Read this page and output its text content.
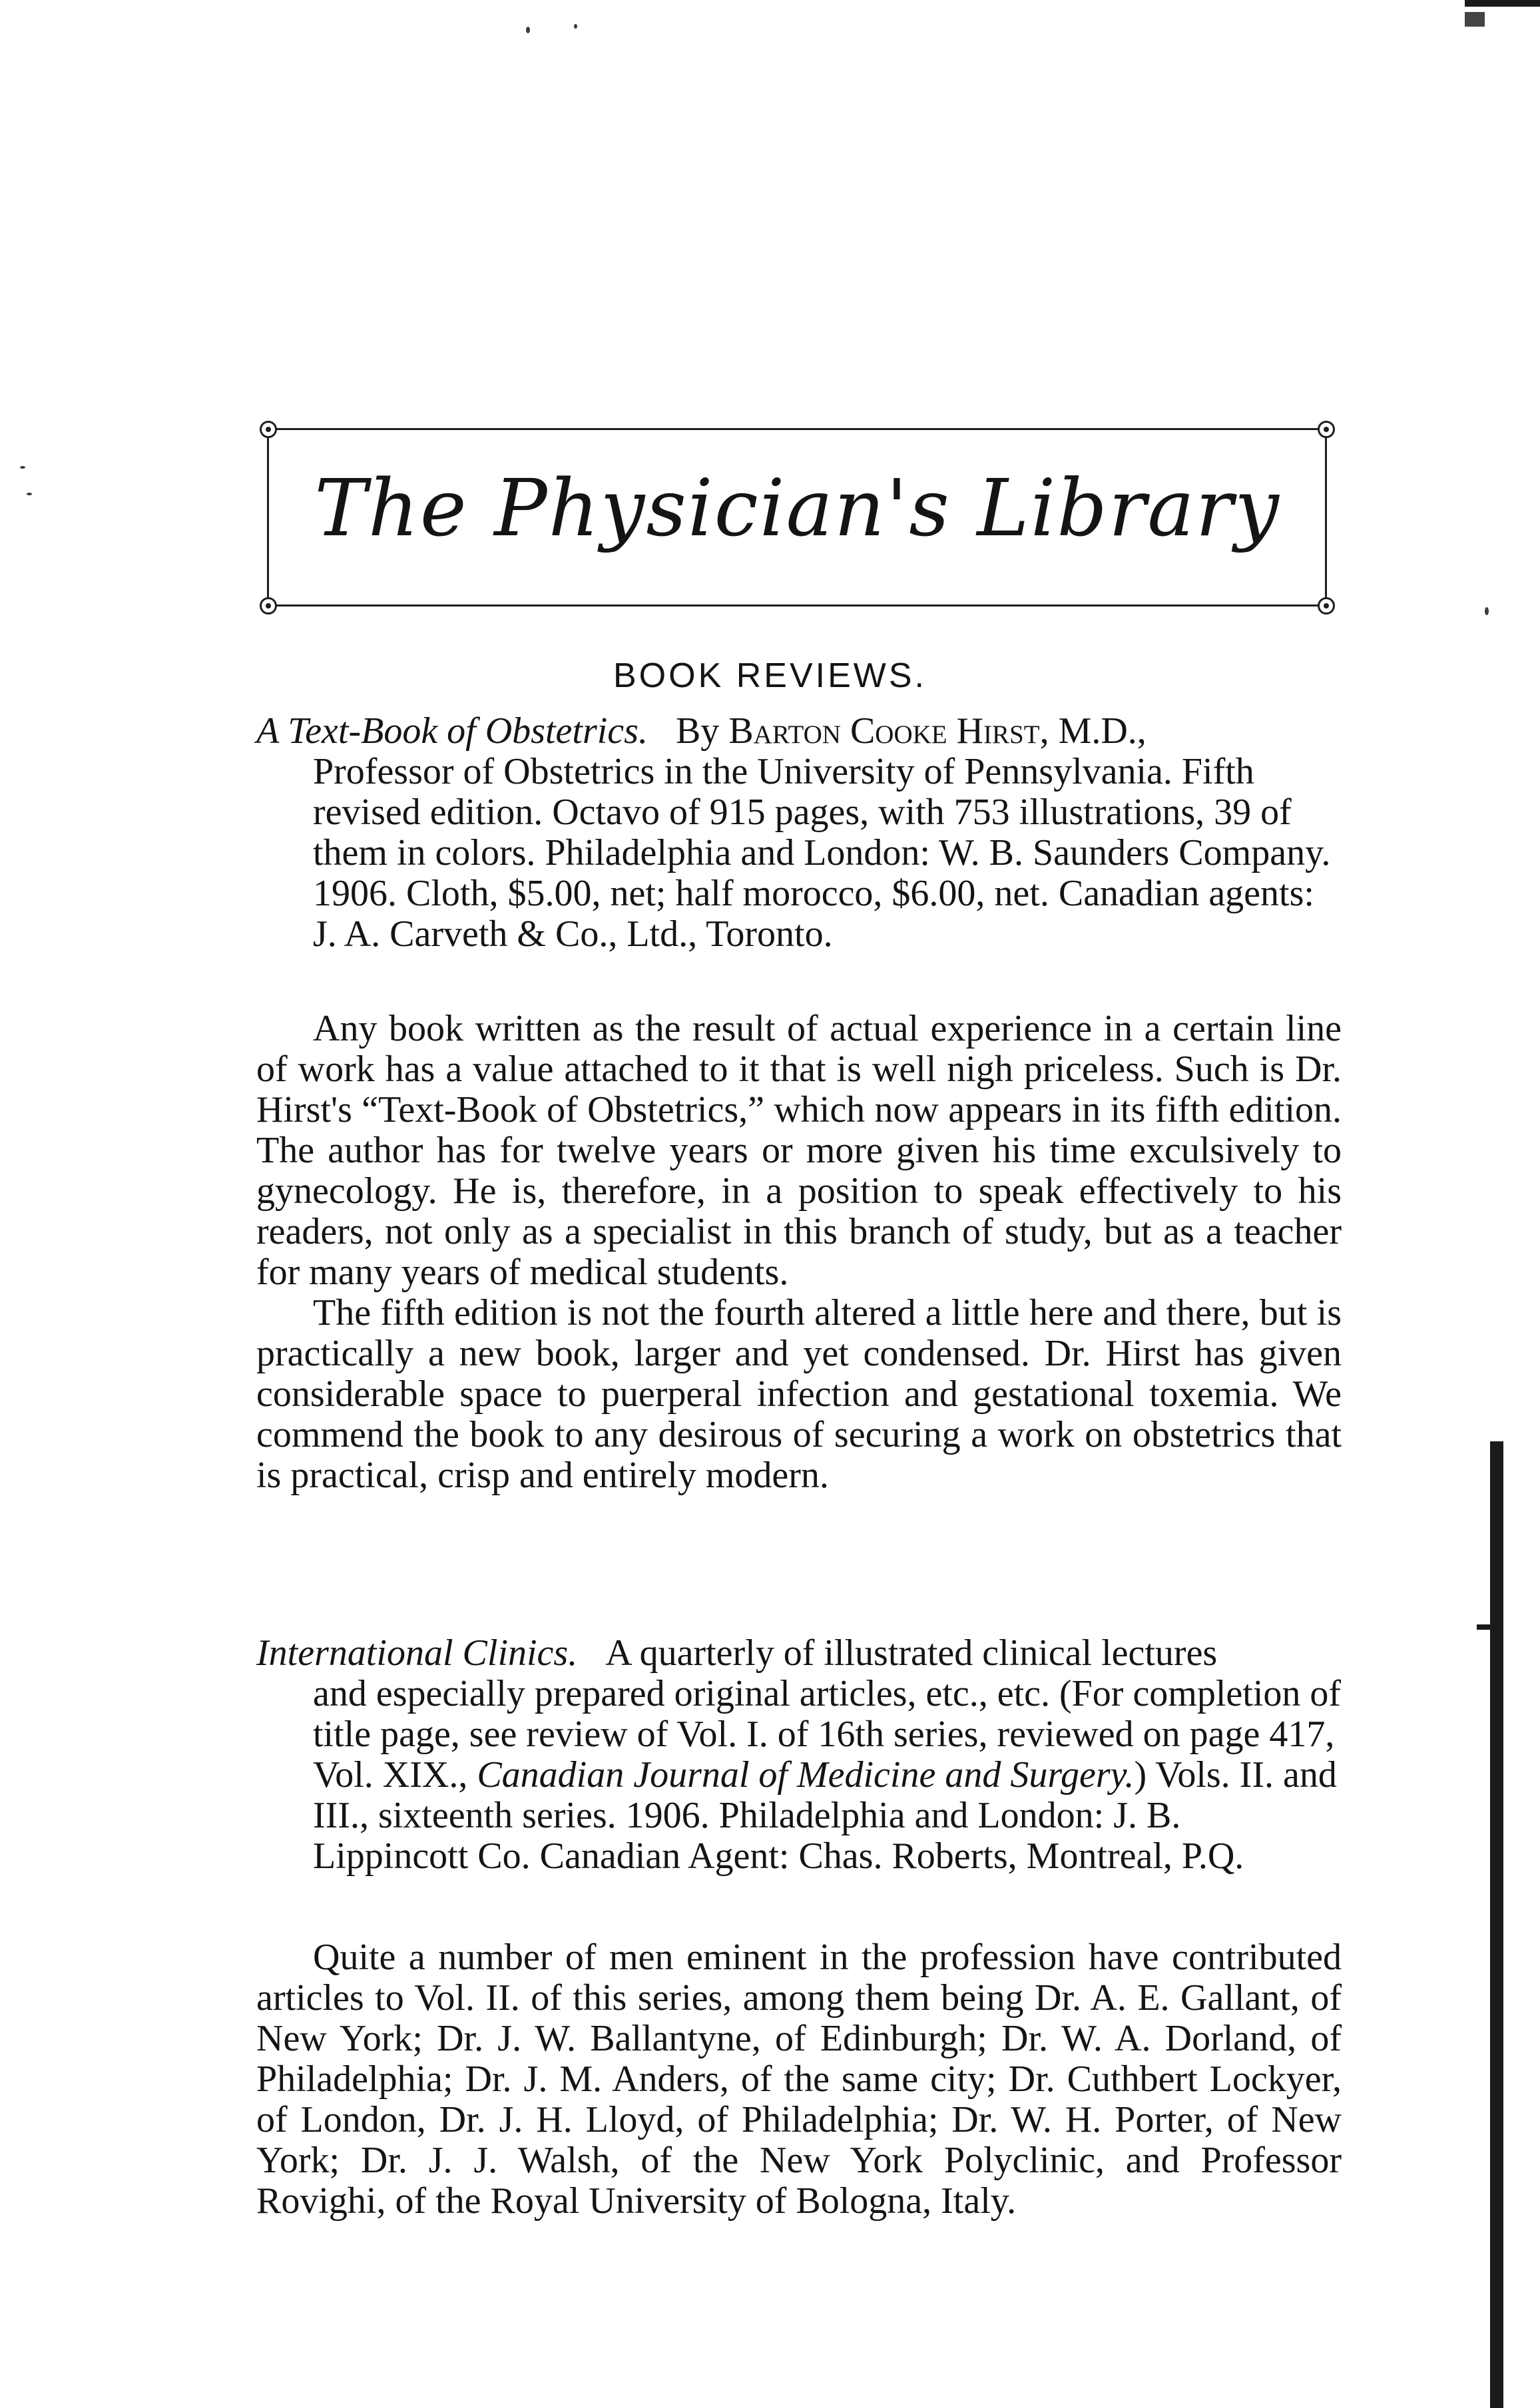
The Physician's Library
BOOK REVIEWS.
A Text-Book of Obstetrics. By Barton Cooke Hirst, M.D.,
Professor of Obstetrics in the University of Pennsylvania. Fifth revised edition. Octavo of 915 pages, with 753 illustrations, 39 of them in colors. Philadelphia and London: W. B. Saunders Company. 1906. Cloth, $5.00, net; half morocco, $6.00, net. Canadian agents: J. A. Carveth & Co., Ltd., Toronto.

Any book written as the result of actual experience in a certain line of work has a value attached to it that is well nigh priceless. Such is Dr. Hirst's “Text-Book of Obstetrics,” which now appears in its fifth edition. The author has for twelve years or more given his time exculsively to gynecology. He is, therefore, in a position to speak effectively to his readers, not only as a specialist in this branch of study, but as a teacher for many years of medical students.

The fifth edition is not the fourth altered a little here and there, but is practically a new book, larger and yet condensed. Dr. Hirst has given considerable space to puerperal infection and gestational toxemia. We commend the book to any desirous of securing a work on obstetrics that is practical, crisp and entirely modern.

International Clinics. A quarterly of illustrated clinical lectures
and especially prepared original articles, etc., etc. (For completion of title page, see review of Vol. I. of 16th series, reviewed on page 417, Vol. XIX., Canadian Journal of Medicine and Surgery.) Vols. II. and III., sixteenth series. 1906. Philadelphia and London: J. B. Lippincott Co. Canadian Agent: Chas. Roberts, Montreal, P.Q.

Quite a number of men eminent in the profession have contributed articles to Vol. II. of this series, among them being Dr. A. E. Gallant, of New York; Dr. J. W. Ballantyne, of Edinburgh; Dr. W. A. Dorland, of Philadelphia; Dr. J. M. Anders, of the same city; Dr. Cuthbert Lockyer, of London, Dr. J. H. Lloyd, of Philadelphia; Dr. W. H. Porter, of New York; Dr. J. J. Walsh, of the New York Polyclinic, and Professor Rovighi, of the Royal University of Bologna, Italy.
